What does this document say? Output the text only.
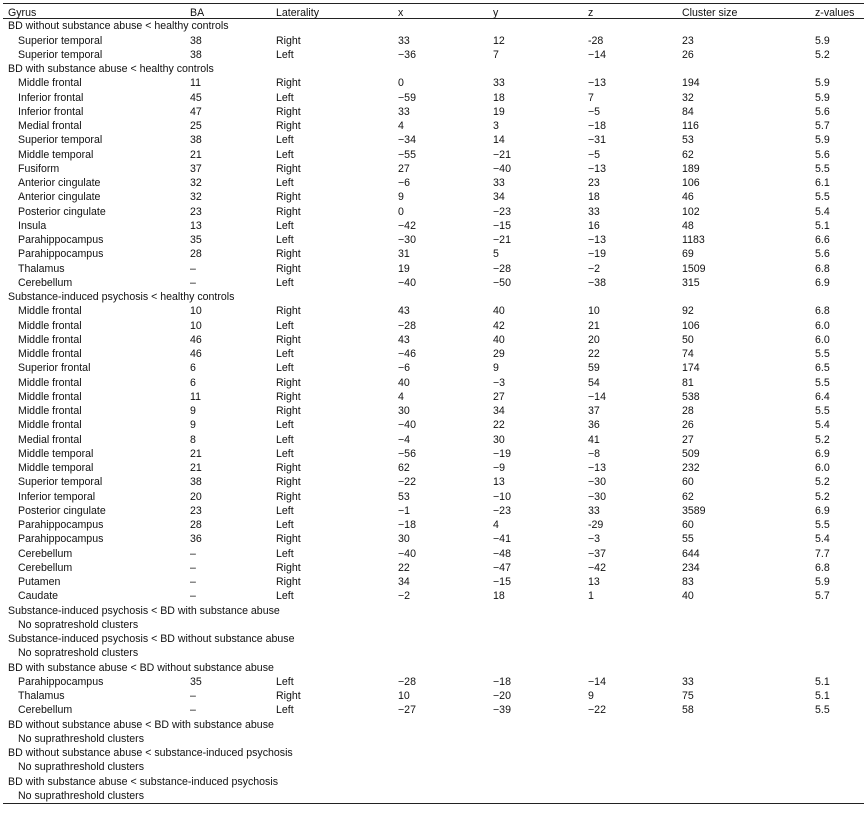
Gyrus	BA	Laterality	x	y	z	Cluster size	z-values
BD without substance abuse < healthy controls
Superior temporal	38	Right	33	12	-28	23	5.9
Superior temporal	38	Left	−36	7	−14	26	5.2
BD with substance abuse < healthy controls
Middle frontal	11	Right	0	33	−13	194	5.9
Inferior frontal	45	Left	−59	18	7	32	5.9
Inferior frontal	47	Right	33	19	−5	84	5.6
Medial frontal	25	Right	4	3	−18	116	5.7
Superior temporal	38	Left	−34	14	−31	53	5.9
Middle temporal	21	Left	−55	−21	−5	62	5.6
Fusiform	37	Right	27	−40	−13	189	5.5
Anterior cingulate	32	Left	−6	33	23	106	6.1
Anterior cingulate	32	Right	9	34	18	46	5.5
Posterior cingulate	23	Right	0	−23	33	102	5.4
Insula	13	Left	−42	−15	16	48	5.1
Parahippocampus	35	Left	−30	−21	−13	1183	6.6
Parahippocampus	28	Right	31	5	−19	69	5.6
Thalamus	–	Right	19	−28	−2	1509	6.8
Cerebellum	–	Left	−40	−50	−38	315	6.9
Substance-induced psychosis < healthy controls
Middle frontal	10	Right	43	40	10	92	6.8
Middle frontal	10	Left	−28	42	21	106	6.0
Middle frontal	46	Right	43	40	20	50	6.0
Middle frontal	46	Left	−46	29	22	74	5.5
Superior frontal	6	Left	−6	9	59	174	6.5
Middle frontal	6	Right	40	−3	54	81	5.5
Middle frontal	11	Right	4	27	−14	538	6.4
Middle frontal	9	Right	30	34	37	28	5.5
Middle frontal	9	Left	−40	22	36	26	5.4
Medial frontal	8	Left	−4	30	41	27	5.2
Middle temporal	21	Left	−56	−19	−8	509	6.9
Middle temporal	21	Right	62	−9	−13	232	6.0
Superior temporal	38	Right	−22	13	−30	60	5.2
Inferior temporal	20	Right	53	−10	−30	62	5.2
Posterior cingulate	23	Left	−1	−23	33	3589	6.9
Parahippocampus	28	Left	−18	4	-29	60	5.5
Parahippocampus	36	Right	30	−41	−3	55	5.4
Cerebellum	–	Left	−40	−48	−37	644	7.7
Cerebellum	–	Right	22	−47	−42	234	6.8
Putamen	–	Right	34	−15	13	83	5.9
Caudate	–	Left	−2	18	1	40	5.7
Substance-induced psychosis < BD with substance abuse
No sopratreshold clusters
Substance-induced psychosis < BD without substance abuse
No sopratreshold clusters
BD with substance abuse < BD without substance abuse
Parahippocampus	35	Left	−28	−18	−14	33	5.1
Thalamus	–	Right	10	−20	9	75	5.1
Cerebellum	–	Left	−27	−39	−22	58	5.5
BD without substance abuse < BD with substance abuse
No suprathreshold clusters
BD without substance abuse < substance-induced psychosis
No suprathreshold clusters
BD with substance abuse < substance-induced psychosis
No suprathreshold clusters
